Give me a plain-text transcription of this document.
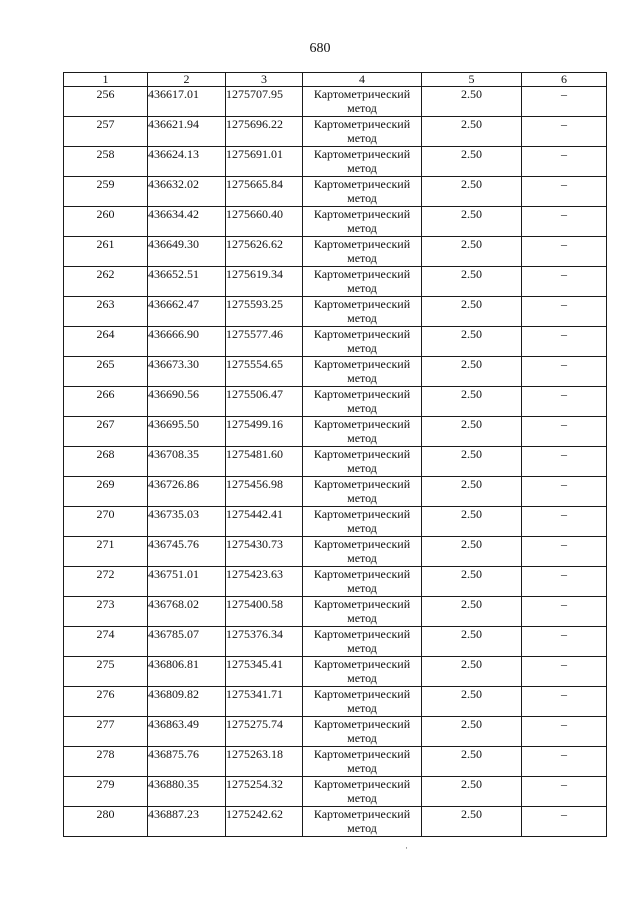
680
1	2	3	4	5	6
256	436617.01	1275707.95	Картометрический метод	2.50	–
257	436621.94	1275696.22	Картометрический метод	2.50	–
258	436624.13	1275691.01	Картометрический метод	2.50	–
259	436632.02	1275665.84	Картометрический метод	2.50	–
260	436634.42	1275660.40	Картометрический метод	2.50	–
261	436649.30	1275626.62	Картометрический метод	2.50	–
262	436652.51	1275619.34	Картометрический метод	2.50	–
263	436662.47	1275593.25	Картометрический метод	2.50	–
264	436666.90	1275577.46	Картометрический метод	2.50	–
265	436673.30	1275554.65	Картометрический метод	2.50	–
266	436690.56	1275506.47	Картометрический метод	2.50	–
267	436695.50	1275499.16	Картометрический метод	2.50	–
268	436708.35	1275481.60	Картометрический метод	2.50	–
269	436726.86	1275456.98	Картометрический метод	2.50	–
270	436735.03	1275442.41	Картометрический метод	2.50	–
271	436745.76	1275430.73	Картометрический метод	2.50	–
272	436751.01	1275423.63	Картометрический метод	2.50	–
273	436768.02	1275400.58	Картометрический метод	2.50	–
274	436785.07	1275376.34	Картометрический метод	2.50	–
275	436806.81	1275345.41	Картометрический метод	2.50	–
276	436809.82	1275341.71	Картометрический метод	2.50	–
277	436863.49	1275275.74	Картометрический метод	2.50	–
278	436875.76	1275263.18	Картометрический метод	2.50	–
279	436880.35	1275254.32	Картометрический метод	2.50	–
280	436887.23	1275242.62	Картометрический метод	2.50	–
·
